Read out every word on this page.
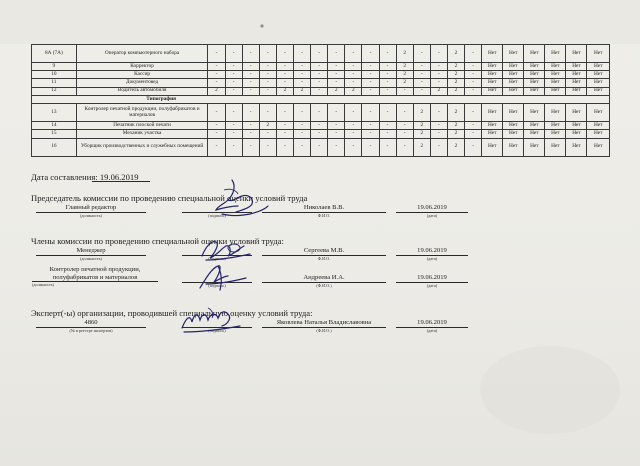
8А (7А)	Оператор компьютерного набора	-	-	-	-	-	-	-	-	-	-	-	2	-	-	2	-	Нет	Нет	Нет	Нет	Нет	Нет
9	Корректор	-	-	-	-	-	-	-	-	-	-	-	2	-	-	2	-	Нет	Нет	Нет	Нет	Нет	Нет
10	Кассир	-	-	-	-	-	-	-	-	-	-	-	2	-	-	2	-	Нет	Нет	Нет	Нет	Нет	Нет
11	Документовед	-	-	-	-	-	-	-	-	-	-	-	2	-	-	2	-	Нет	Нет	Нет	Нет	Нет	Нет
12	Водитель автомобиля	2	-	-	-	2	2	-	2	2	-	-	-	-	2	2	-	Нет	Нет	Нет	Нет	Нет	Нет
	Типография																						
13	Контролер печатной продукции, полуфабрикатов и материалов	-	-	-	-	-	-	-	-	-	-	-	-	2	-	2	-	Нет	Нет	Нет	Нет	Нет	Нет
14	Печатник плоской печати	-	-	-	2	-	-	-	-	-	-	-	-	2	-	2	-	Нет	Нет	Нет	Нет	Нет	Нет
15	Механик участка	-	-	-	-	-	-	-	-	-	-	-	-	2	-	2	-	Нет	Нет	Нет	Нет	Нет	Нет
16	Уборщик производственных и служебных помещений	-	-	-	-	-	-	-	-	-	-	-	-	2	-	2	-	Нет	Нет	Нет	Нет	Нет	Нет
Дата составления: 19.06.2019
Председатель комиссии по проведению специальной оценки условий труда
Главный редактор
(должность)	(подпись)
Николаев В.В.
Ф.И.О.
19.06.2019
(дата)
Члены комиссии по проведению специальной оценки условий труда:
Менеджер
(должность)	(подпись)
Сергеева М.В.
Ф.И.О.
19.06.2019
(дата)
Контролер печатной продукции, полуфабрикатов и материалов
(должность)	(подпись)
Андреева И.А.
(Ф.И.О.)
19.06.2019
(дата)
Эксперт(-ы) организации, проводившей специальную оценку условий труда:
4860
(№ в реестре экспертов)	(подпись)
Яковлева Наталья Владиславовна
(Ф.И.О.)
19.06.2019
(дата)
